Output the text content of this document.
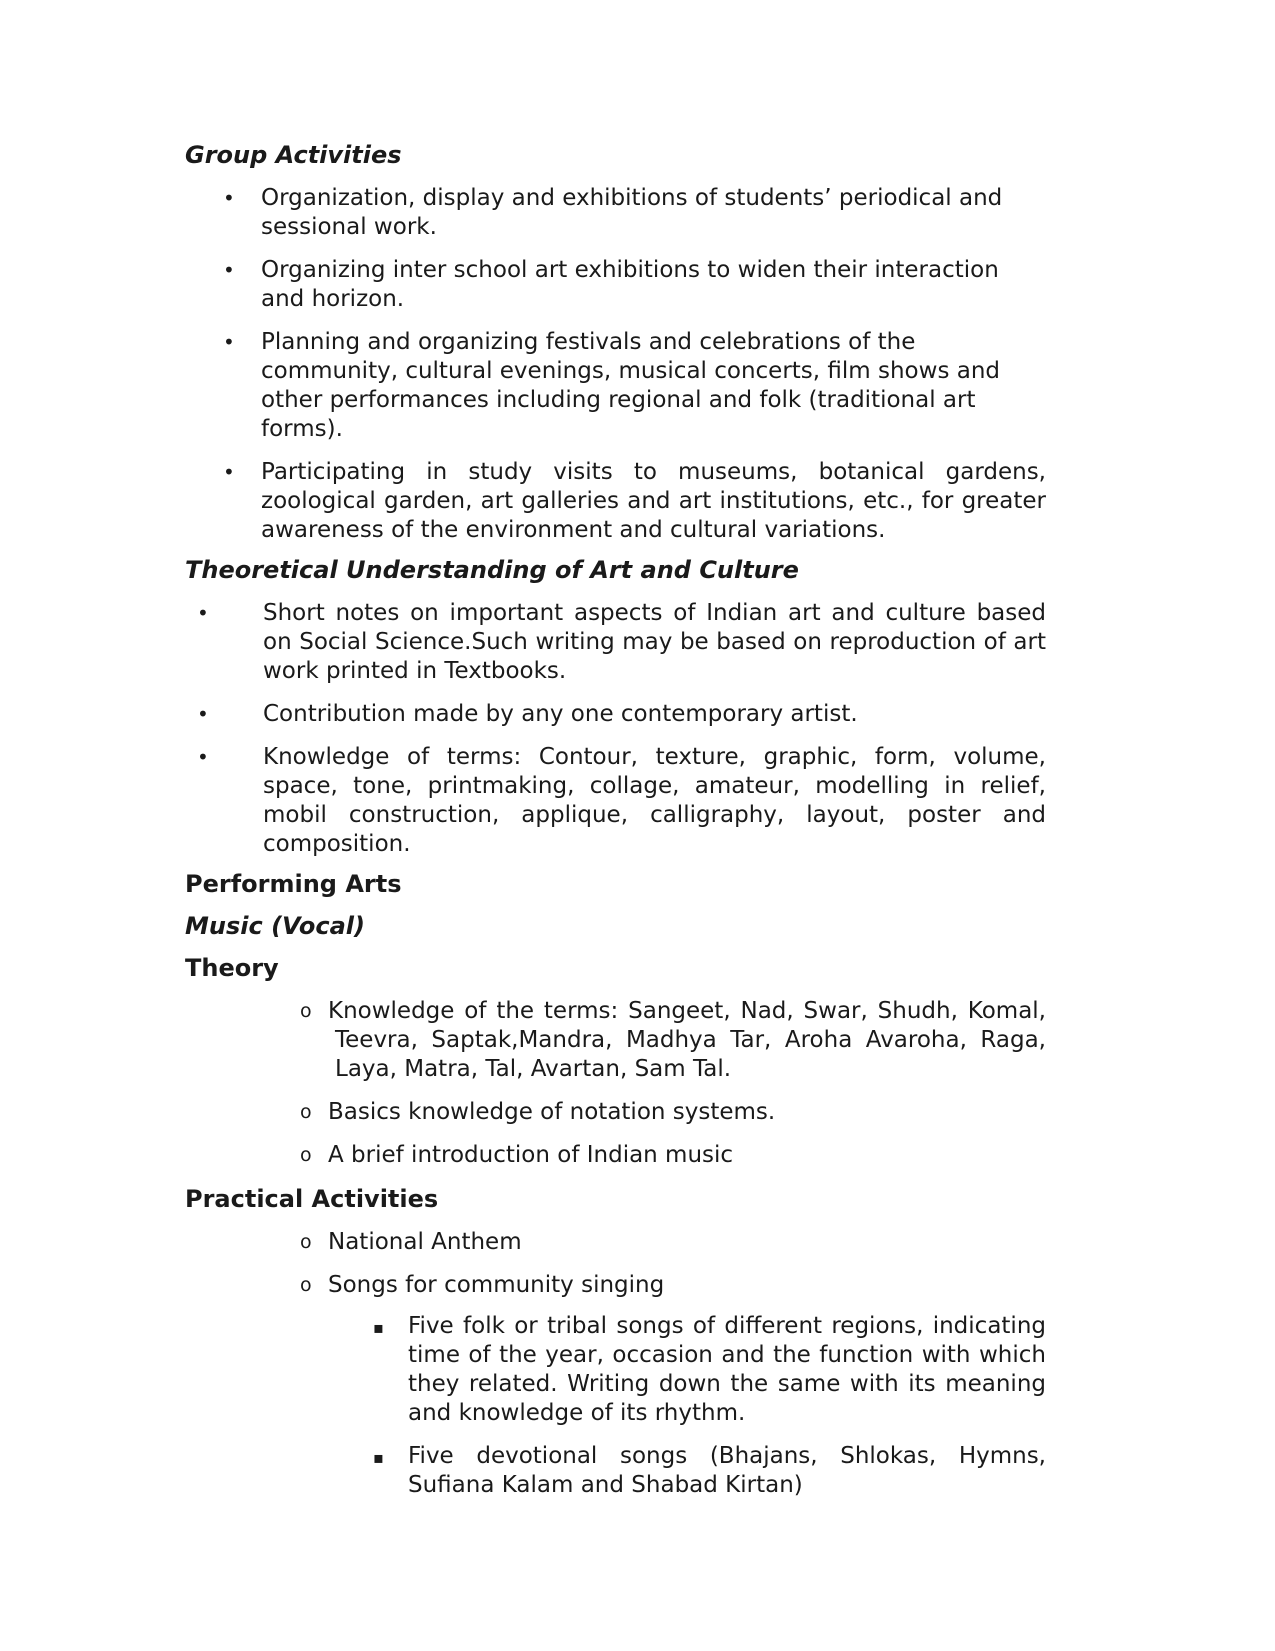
Group Activities
• Organization, display and exhibitions of students’ periodical and sessional work.
• Organizing inter school art exhibitions to widen their interaction and horizon.
• Planning and organizing festivals and celebrations of the community, cultural evenings, musical concerts, film shows and other performances including regional and folk (traditional art forms).
• Participating in study visits to museums, botanical gardens, zoological garden, art galleries and art institutions, etc., for greater awareness of the environment and cultural variations.
Theoretical Understanding of Art and Culture
• Short notes on important aspects of Indian art and culture based on Social Science.Such writing may be based on reproduction of art work printed in Textbooks.
• Contribution made by any one contemporary artist.
• Knowledge of terms: Contour, texture, graphic, form, volume, space, tone, printmaking, collage, amateur, modelling in relief, mobil construction, applique, calligraphy, layout, poster and composition.
Performing Arts
Music (Vocal)
Theory
o Knowledge of the terms: Sangeet, Nad, Swar, Shudh, Komal, Teevra, Saptak,Mandra, Madhya Tar, Aroha Avaroha, Raga, Laya, Matra, Tal, Avartan, Sam Tal.
o Basics knowledge of notation systems.
o A brief introduction of Indian music
Practical Activities
o National Anthem
o Songs for community singing
▪ Five folk or tribal songs of different regions, indicating time of the year, occasion and the function with which they related. Writing down the same with its meaning and knowledge of its rhythm.
▪ Five devotional songs (Bhajans, Shlokas, Hymns, Sufiana Kalam and Shabad Kirtan)
